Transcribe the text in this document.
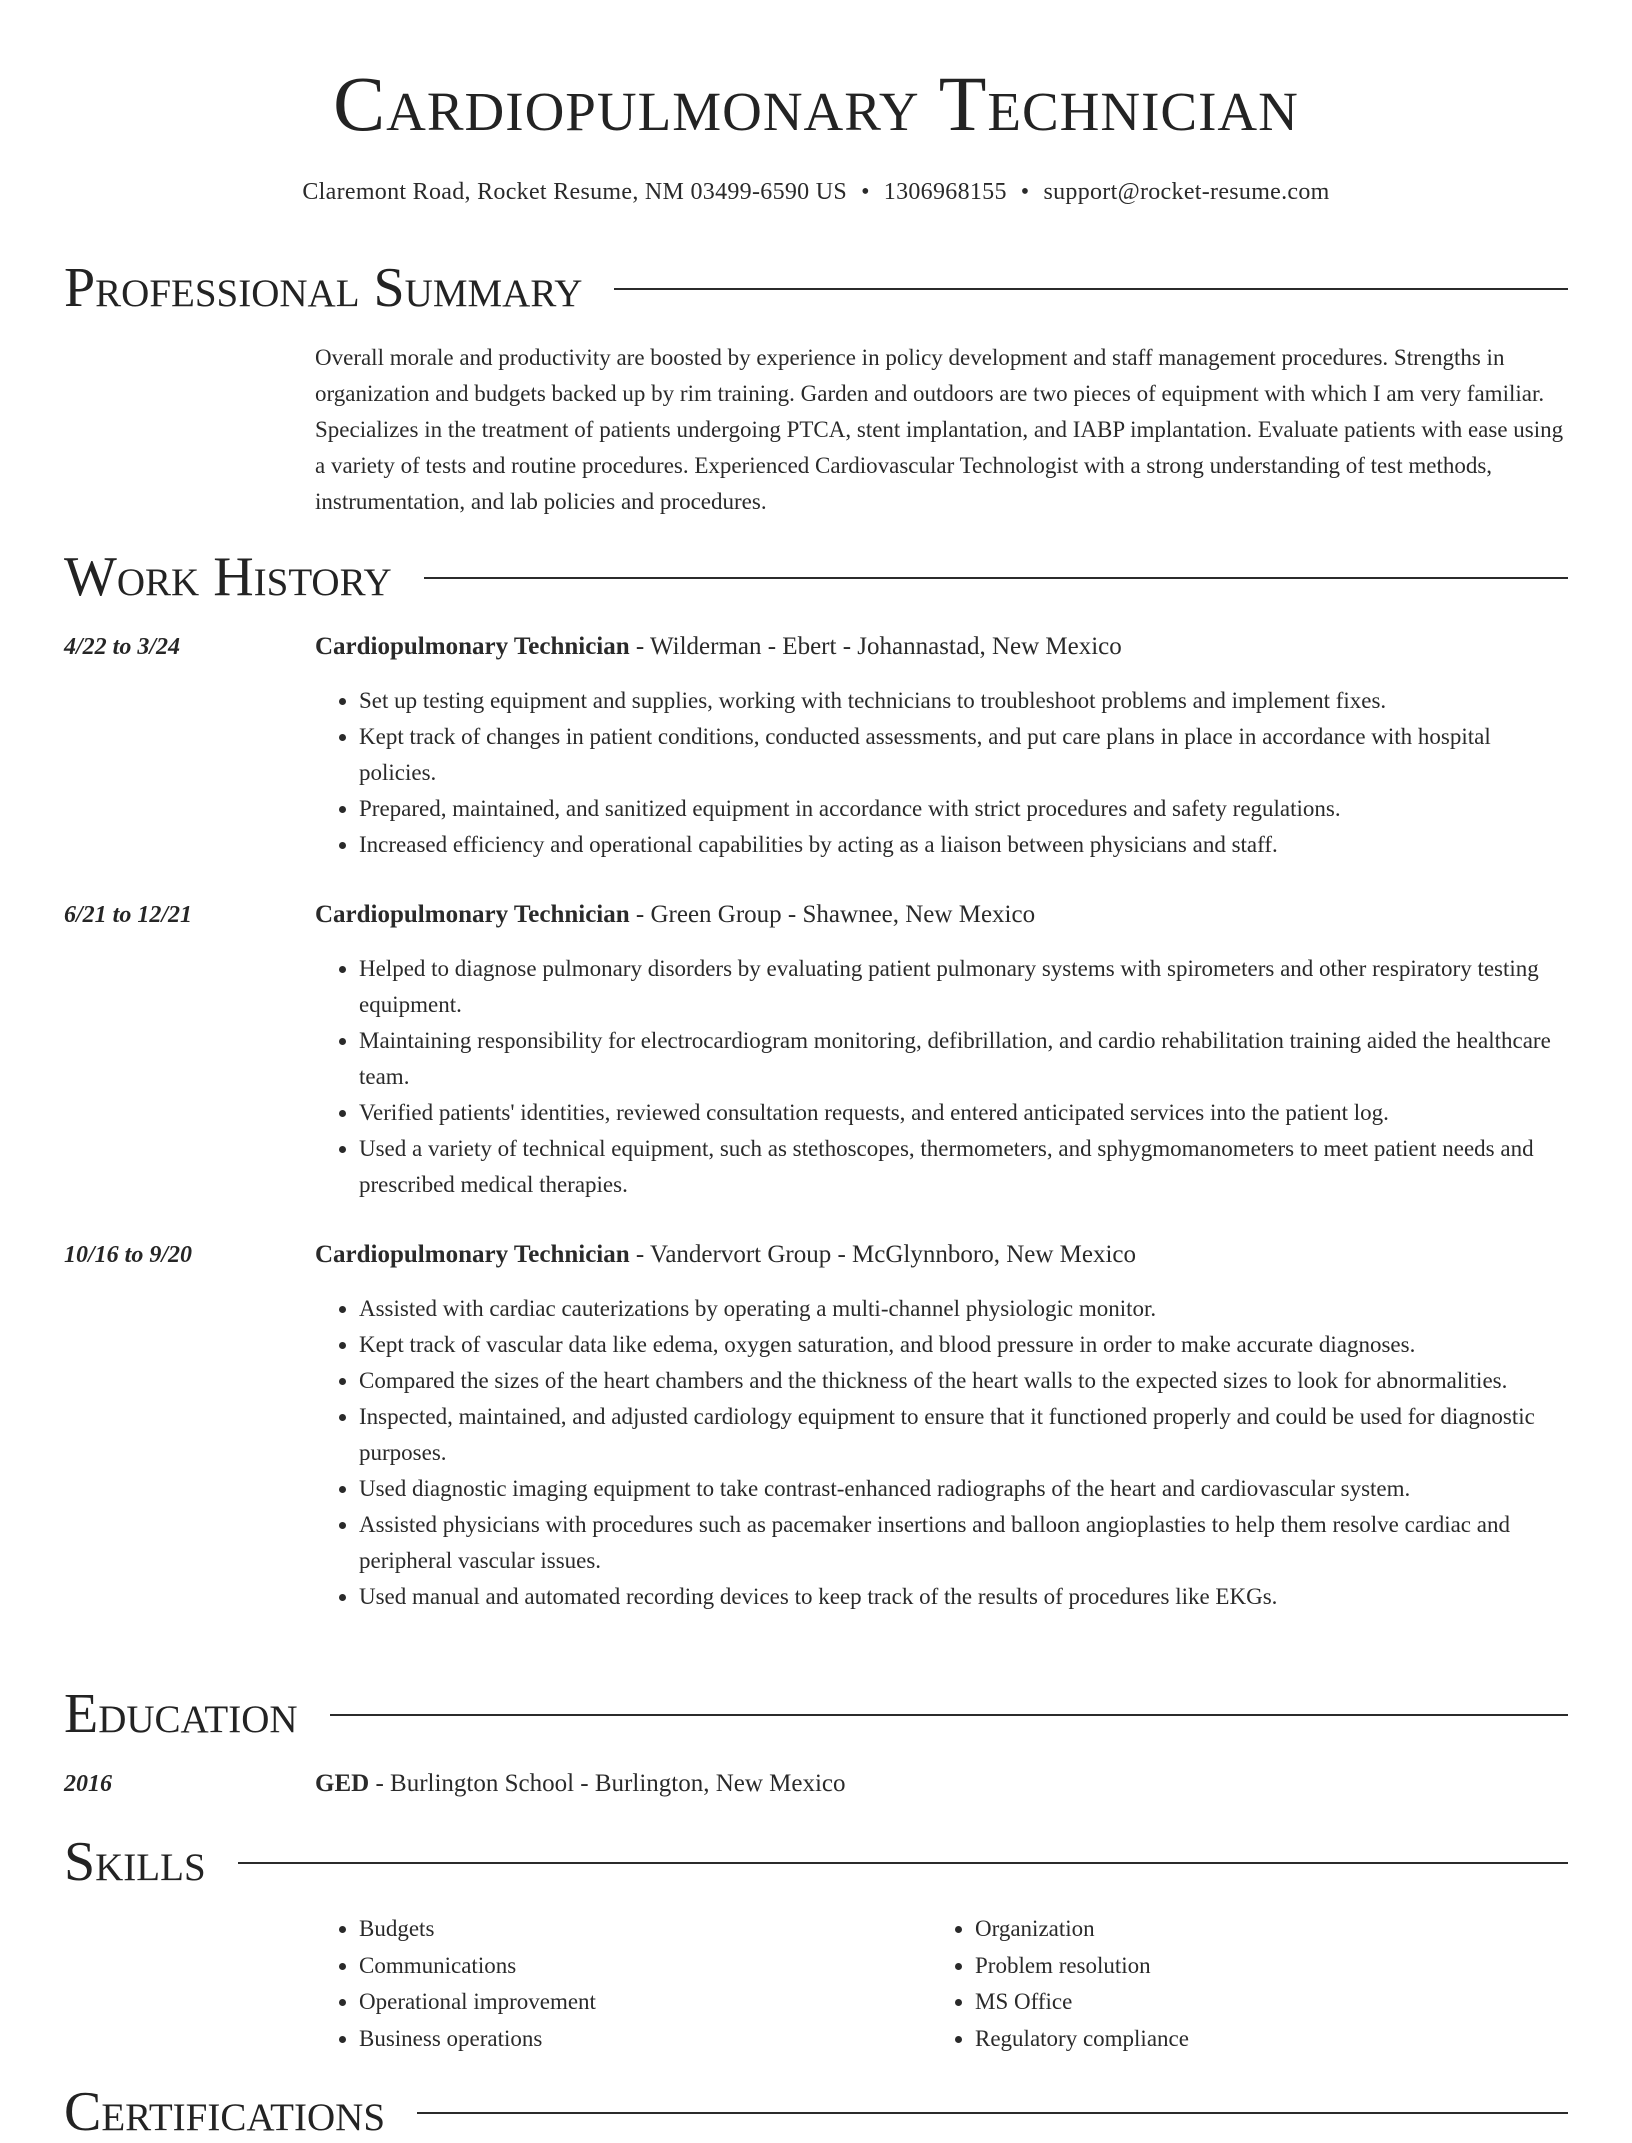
Cardiopulmonary Technician
Claremont Road, Rocket Resume, NM 03499-6590 US • 1306968155 • support@rocket-resume.com
Professional Summary

Overall morale and productivity are boosted by experience in policy development and staff management procedures. Strengths in organization and budgets backed up by rim training. Garden and outdoors are two pieces of equipment with which I am very familiar. Specializes in the treatment of patients undergoing PTCA, stent implantation, and IABP implantation. Evaluate patients with ease using a variety of tests and routine procedures. Experienced Cardiovascular Technologist with a strong understanding of test methods, instrumentation, and lab policies and procedures.

Work History
4/22 to 3/24	Cardiopulmonary Technician - Wilderman - Ebert - Johannastad, New Mexico
• Set up testing equipment and supplies, working with technicians to troubleshoot problems and implement fixes.
• Kept track of changes in patient conditions, conducted assessments, and put care plans in place in accordance with hospital policies.
• Prepared, maintained, and sanitized equipment in accordance with strict procedures and safety regulations.
• Increased efficiency and operational capabilities by acting as a liaison between physicians and staff.
6/21 to 12/21	Cardiopulmonary Technician - Green Group - Shawnee, New Mexico
• Helped to diagnose pulmonary disorders by evaluating patient pulmonary systems with spirometers and other respiratory testing equipment.
• Maintaining responsibility for electrocardiogram monitoring, defibrillation, and cardio rehabilitation training aided the healthcare team.
• Verified patients' identities, reviewed consultation requests, and entered anticipated services into the patient log.
• Used a variety of technical equipment, such as stethoscopes, thermometers, and sphygmomanometers to meet patient needs and prescribed medical therapies.
10/16 to 9/20	Cardiopulmonary Technician - Vandervort Group - McGlynnboro, New Mexico
• Assisted with cardiac cauterizations by operating a multi-channel physiologic monitor.
• Kept track of vascular data like edema, oxygen saturation, and blood pressure in order to make accurate diagnoses.
• Compared the sizes of the heart chambers and the thickness of the heart walls to the expected sizes to look for abnormalities.
• Inspected, maintained, and adjusted cardiology equipment to ensure that it functioned properly and could be used for diagnostic purposes.
• Used diagnostic imaging equipment to take contrast-enhanced radiographs of the heart and cardiovascular system.
• Assisted physicians with procedures such as pacemaker insertions and balloon angioplasties to help them resolve cardiac and peripheral vascular issues.
• Used manual and automated recording devices to keep track of the results of procedures like EKGs.
Education
2016	GED - Burlington School - Burlington, New Mexico
Skills
• Budgets
• Communications
• Operational improvement
• Business operations
• Organization
• Problem resolution
• MS Office
• Regulatory compliance
Certifications
